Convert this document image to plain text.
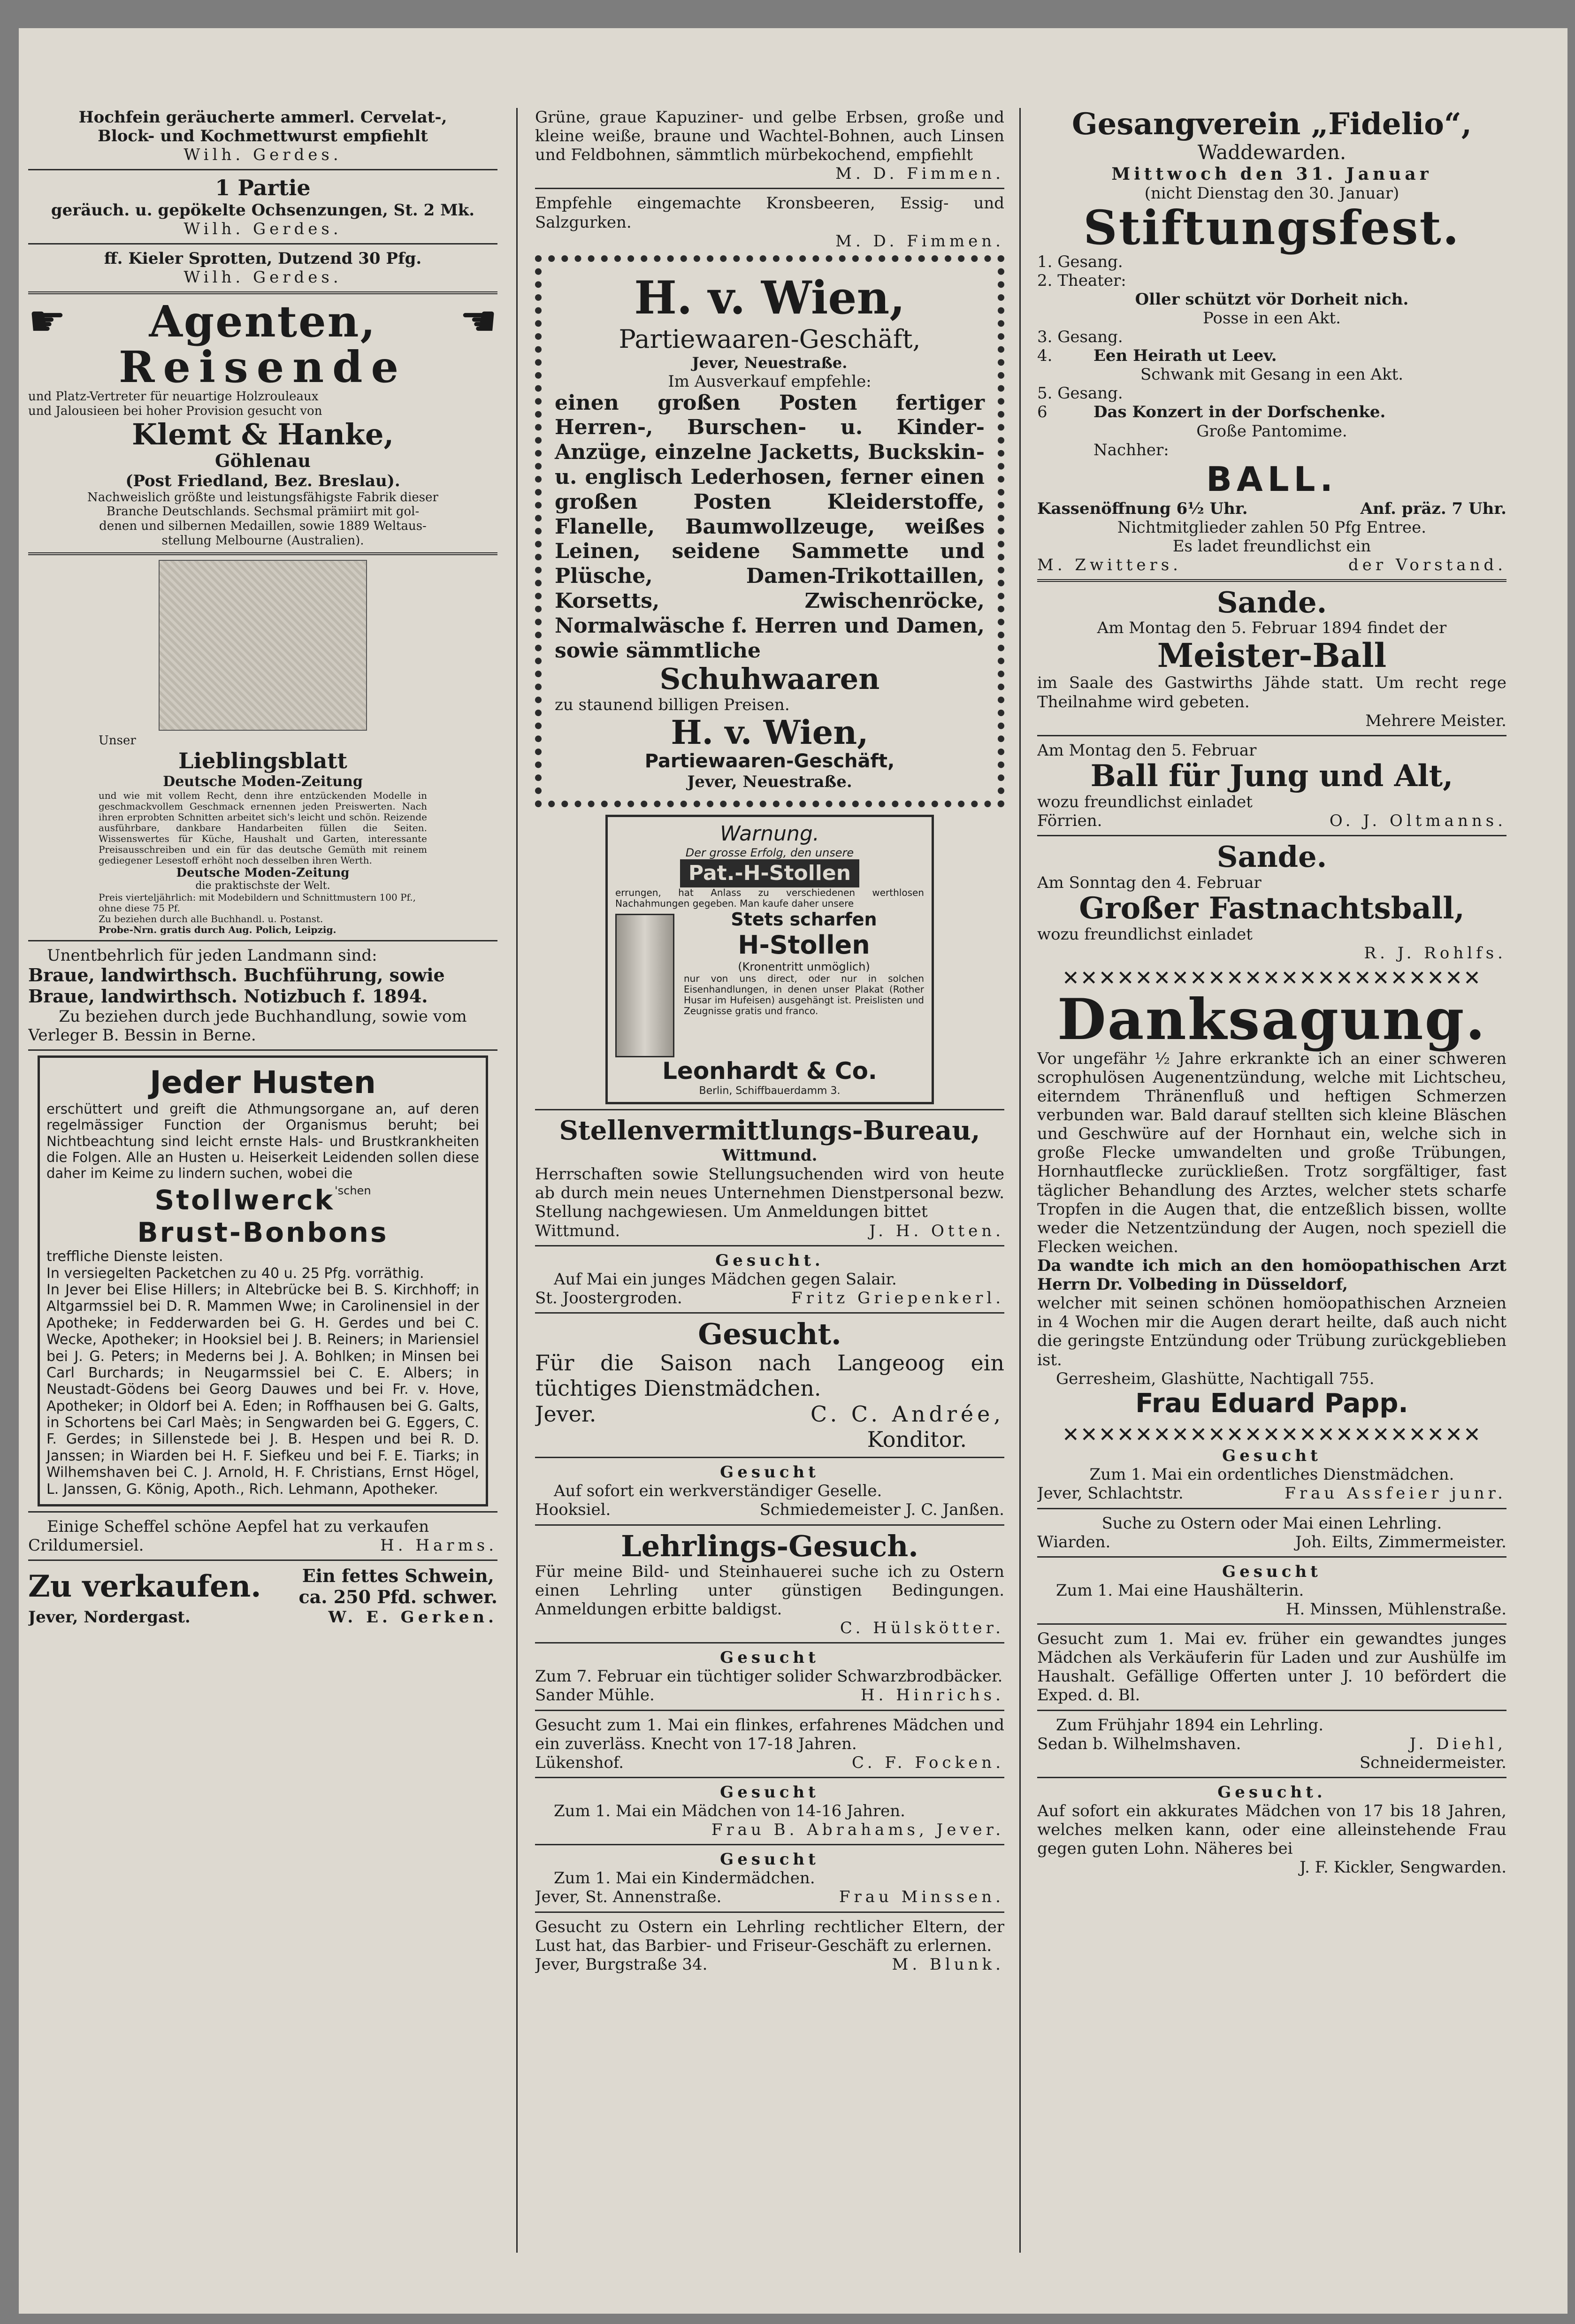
Hochfein geräucherte ammerl. Cervelat-,

Block- und Kochmettwurst empfiehlt

Wilh. Gerdes.

1 Partie

geräuch. u. gepökelte Ochsenzungen, St. 2 Mk.

Wilh. Gerdes.

ff. Kieler Sprotten, Dutzend 30 Pfg.

Wilh. Gerdes.

☛ Agenten, ☚

Reisende

und Platz-Vertreter für neuartige Holzrouleaux

und Jalousieen bei hoher Provision gesucht von

Klemt & Hanke,

Göhlenau

(Post Friedland, Bez. Breslau).

Nachweislich größte und leistungsfähigste Fabrik dieser

Branche Deutschlands. Sechsmal prämiirt mit gol-

denen und silbernen Medaillen, sowie 1889 Weltaus-

stellung Melbourne (Australien).

Unser

Lieblingsblatt

Deutsche Moden-Zeitung

und wie mit vollem Recht, denn ihre entzückenden Modelle in geschmackvollem Geschmack ernennen jeden Preiswerten. Nach ihren erprobten Schnitten arbeitet sich's leicht und schön. Reizende ausführbare, dankbare Handarbeiten füllen die Seiten. Wissenswertes für Küche, Haushalt und Garten, interessante Preisausschreiben und ein für das deutsche Gemüth mit reinem gediegener Lesestoff erhöht noch desselben ihren Werth.

Deutsche Moden-Zeitung

die praktischste der Welt.

Preis vierteljährlich: mit Modebildern und Schnittmustern 100 Pf., ohne diese 75 Pf.

Zu beziehen durch alle Buchhandl. u. Postanst.

Probe-Nrn. gratis durch Aug. Polich, Leipzig.

Unentbehrlich für jeden Landmann sind:

Braue, landwirthsch. Buchführung, sowie

Braue, landwirthsch. Notizbuch f. 1894.

Zu beziehen durch jede Buchhandlung, sowie vom

Verleger B. Bessin in Berne.

Jeder Husten

erschüttert und greift die Athmungsorgane an, auf deren regelmässiger Function der Organismus beruht; bei Nichtbeachtung sind leicht ernste Hals- und Brustkrankheiten die Folgen. Alle an Husten u. Heiserkeit Leidenden sollen diese daher im Keime zu lindern suchen, wobei die

Stollwerck$^{'schen}$

Brust-Bonbons

treffliche Dienste leisten.

In versiegelten Packetchen zu 40 u. 25 Pfg. vorräthig.

In Jever bei Elise Hillers; in Altebrücke bei B. S. Kirchhoff; in Altgarmssiel bei D. R. Mammen Wwe; in Carolinensiel in der Apotheke; in Fedderwarden bei G. H. Gerdes und bei C. Wecke, Apotheker; in Hooksiel bei J. B. Reiners; in Mariensiel bei J. G. Peters; in Mederns bei J. A. Bohlken; in Minsen bei Carl Burchards; in Neugarmssiel bei C. E. Albers; in Neustadt-Gödens bei Georg Dauwes und bei Fr. v. Hove, Apotheker; in Oldorf bei A. Eden; in Roffhausen bei G. Galts, in Schortens bei Carl Maès; in Sengwarden bei G. Eggers, C. F. Gerdes; in Sillenstede bei J. B. Hespen und bei R. D. Janssen; in Wiarden bei H. F. Siefkeu und bei F. E. Tiarks; in Wilhemshaven bei C. J. Arnold, H. F. Christians, Ernst Högel, L. Janssen, G. König, Apoth., Rich. Lehmann, Apotheker.

Einige Scheffel schöne Aepfel hat zu verkaufen

Crildumersiel.	H. Harms.
Zu verkaufen. Ein fettes Schwein,

ca. 250 Pfd. schwer.

Jever, Nordergast.	W. E. Gerken.

Grüne, graue Kapuziner- und gelbe Erbsen, große und kleine weiße, braune und Wachtel-Bohnen, auch Linsen und Feldbohnen, sämmtlich mürbekochend, empfiehlt

M. D. Fimmen.

Empfehle eingemachte Kronsbeeren, Essig- und Salzgurken.

M. D. Fimmen.

H. v. Wien,

Partiewaaren-Geschäft,

Jever, Neuestraße.

Im Ausverkauf empfehle:

einen großen Posten fertiger Herren-, Burschen- u. Kinder-Anzüge, einzelne Jacketts, Buckskin- u. englisch Lederhosen, ferner einen großen Posten Kleiderstoffe, Flanelle, Baumwollzeuge, weißes Leinen, seidene Sammette und Plüsche, Damen-Trikottaillen, Korsetts, Zwischenröcke, Normalwäsche f. Herren und Damen, sowie sämmtliche

Schuhwaaren

zu staunend billigen Preisen.

H. v. Wien,

Partiewaaren-Geschäft,

Jever, Neuestraße.

Warnung.

Der grosse Erfolg, den unsere

Pat.-H-Stollen

errungen, hat Anlass zu verschiedenen werthlosen Nachahmungen gegeben. Man kaufe daher unsere

Stets scharfen

H-Stollen

(Kronentritt unmöglich)

nur von uns direct, oder nur in solchen Eisenhandlungen, in denen unser Plakat (Rother Husar im Hufeisen) ausgehängt ist. Preislisten und Zeugnisse gratis und franco.

Leonhardt & Co.

Berlin, Schiffbauerdamm 3.

Stellenvermittlungs-Bureau,

Wittmund.

Herrschaften sowie Stellungsuchenden wird von heute ab durch mein neues Unternehmen Dienstpersonal bezw. Stellung nachgewiesen. Um Anmeldungen bittet

Wittmund.	J. H. Otten.

Gesucht.

Auf Mai ein junges Mädchen gegen Salair.

St. Joostergroden.	Fritz Griepenkerl.

Gesucht.

Für die Saison nach Langeoog ein tüchtiges Dienstmädchen.

Jever.	C. C. Andrée,

Konditor.

Gesucht

Auf sofort ein werkverständiger Geselle.

Hooksiel.	Schmiedemeister J. C. Janßen.

Lehrlings-Gesuch.

Für meine Bild- und Steinhauerei suche ich zu Ostern einen Lehrling unter günstigen Bedingungen. Anmeldungen erbitte baldigst.

C. Hülskötter.

Gesucht

Zum 7. Februar ein tüchtiger solider Schwarzbrodbäcker.

Sander Mühle.	H. Hinrichs.

Gesucht zum 1. Mai ein flinkes, erfahrenes Mädchen und ein zuverläss. Knecht von 17-18 Jahren.

Lükenshof.	C. F. Focken.

Gesucht

Zum 1. Mai ein Mädchen von 14-16 Jahren.

Frau B. Abrahams, Jever.

Gesucht

Zum 1. Mai ein Kindermädchen.

Jever, St. Annenstraße.	Frau Minssen.

Gesucht zu Ostern ein Lehrling rechtlicher Eltern, der Lust hat, das Barbier- und Friseur-Geschäft zu erlernen.

Jever, Burgstraße 34.	M. Blunk.

Gesangverein „Fidelio“,

Waddewarden.

Mittwoch den 31. Januar

(nicht Dienstag den 30. Januar)

Stiftungsfest.

1. Gesang.

2. Theater:

Oller schützt vör Dorheit nich.

Posse in een Akt.

3. Gesang.

4.	Een Heirath ut Leev.

Schwank mit Gesang in een Akt.

5. Gesang.

6	Das Konzert in der Dorfschenke.

Große Pantomime.

Nachher:

BALL.

Kassenöffnung 6½ Uhr.	Anf. präz. 7 Uhr.

Nichtmitglieder zahlen 50 Pfg Entree.

Es ladet freundlichst ein

M. Zwitters.	der Vorstand.

Sande.

Am Montag den 5. Februar 1894 findet der

Meister-Ball

im Saale des Gastwirths Jähde statt. Um recht rege Theilnahme wird gebeten.

Mehrere Meister.

Am Montag den 5. Februar

Ball für Jung und Alt,

wozu freundlichst einladet

Förrien.	O. J. Oltmanns.

Sande.

Am Sonntag den 4. Februar

Großer Fastnachtsball,

wozu freundlichst einladet

R. J. Rohlfs.

✕✕✕✕✕✕✕✕✕✕✕✕✕✕✕✕✕✕✕✕✕✕✕

Danksagung.

Vor ungefähr ½ Jahre erkrankte ich an einer schweren scrophulösen Augenentzündung, welche mit Lichtscheu, eiterndem Thränenfluß und heftigen Schmerzen verbunden war. Bald darauf stellten sich kleine Bläschen und Geschwüre auf der Hornhaut ein, welche sich in große Flecke umwandelten und große Trübungen, Hornhautflecke zurückließen. Trotz sorgfältiger, fast täglicher Behandlung des Arztes, welcher stets scharfe Tropfen in die Augen that, die entzeßlich bissen, wollte weder die Netzentzündung der Augen, noch speziell die Flecken weichen.

Da wandte ich mich an den homöopathischen Arzt Herrn Dr. Volbeding in Düsseldorf,

welcher mit seinen schönen homöopathischen Arzneien in 4 Wochen mir die Augen derart heilte, daß auch nicht die geringste Entzündung oder Trübung zurückgeblieben ist.

Gerresheim, Glashütte, Nachtigall 755.

Frau Eduard Papp.

✕✕✕✕✕✕✕✕✕✕✕✕✕✕✕✕✕✕✕✕✕✕✕

Gesucht

Zum 1. Mai ein ordentliches Dienstmädchen.

Jever, Schlachtstr.	Frau Assfeier junr.

Suche zu Ostern oder Mai einen Lehrling.

Wiarden.	Joh. Eilts, Zimmermeister.

Gesucht

Zum 1. Mai eine Haushälterin.

H. Minssen, Mühlenstraße.

Gesucht zum 1. Mai ev. früher ein gewandtes junges Mädchen als Verkäuferin für Laden und zur Aushülfe im Haushalt. Gefällige Offerten unter J. 10 befördert die Exped. d. Bl.

Zum Frühjahr 1894 ein Lehrling.

Sedan b. Wilhelmshaven.	J. Diehl,

Schneidermeister.

Gesucht.

Auf sofort ein akkurates Mädchen von 17 bis 18 Jahren, welches melken kann, oder eine alleinstehende Frau gegen guten Lohn. Näheres bei

J. F. Kickler, Sengwarden.
